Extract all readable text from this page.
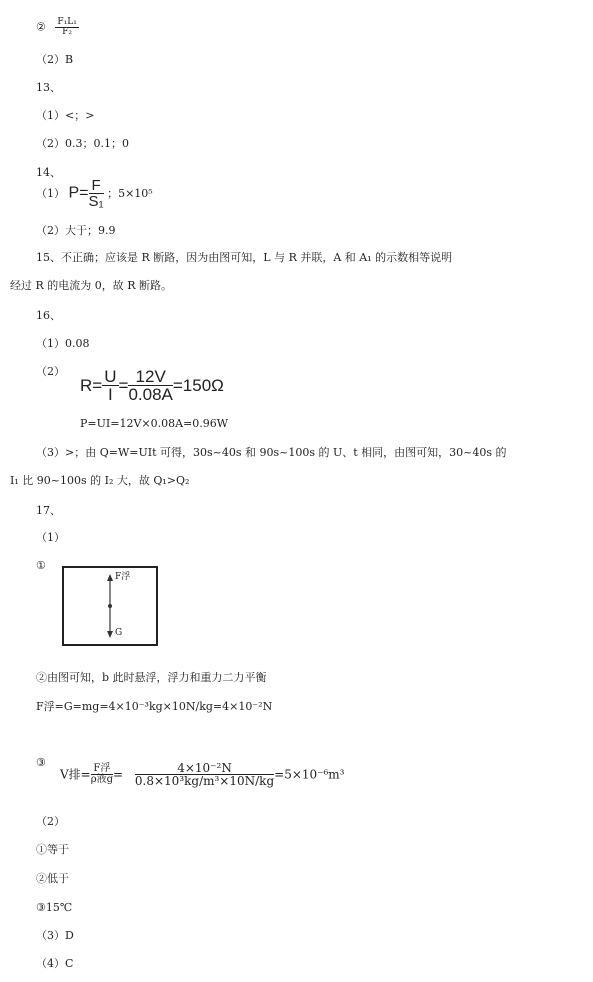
② $\frac{\text{F₁L₁}}{\text{F₂}}$
（2）B
13、
（1）<；>
（2）0.3；0.1；0
14、
（1） $P= \frac{F}{\text{S₁}}$ ；5×10⁵
（2）大于；9.9
15、不正确；应该是 R 断路，因为由图可知，L 与 R 并联，A 和 A₁ 的示数相等说明
经过 R 的电流为 0，故 R 断路。
16、
（1）0.08
（2）
$R= \frac{U}{I} = \frac{12V}{0.08A} =150\Omega$
P=UI=12V×0.08A=0.96W
（3）>；由 Q=W=UIt 可得，30s~40s 和 90s~100s 的 U、t 相同，由图可知，30~40s 的
I₁ 比 90~100s 的 I₂ 大，故 Q₁>Q₂
17、
（1）
①
F浮
G
②由图可知，b 此时悬浮，浮力和重力二力平衡
F浮=G=mg=4×10⁻³kg×10N/kg=4×10⁻²N
③
V排= $\frac{\text{F浮}}{\text{ρ液g}} = \frac{\text{4×10⁻²N}}{\text{0.8×10³kg/m³×10N/kg}} =5\times 10^{-6}m^3$
（2）
①等于
②低于
③15℃
（3）D
（4）C
